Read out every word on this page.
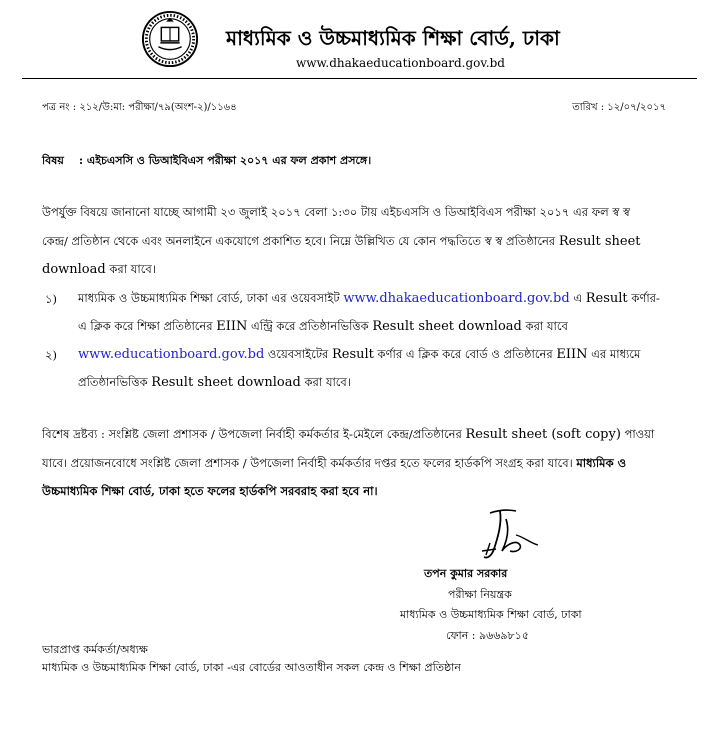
মাধ্যমিক ও উচ্চমাধ্যমিক শিক্ষা বোর্ড, ঢাকা
www.dhakaeducationboard.gov.bd
পত্র নং : ২১২/উ:মা: পরীক্ষা/৭৯(অংশ-২)/১১৬৪	তারিখ : ১২/০৭/২০১৭
বিষয় : এইচএসসি ও ডিআইবিএস পরীক্ষা ২০১৭ এর ফল প্রকাশ প্রসঙ্গে।
উপর্যুক্ত বিষয়ে জানানো যাচ্ছে আগামী ২৩ জুলাই ২০১৭ বেলা ১:৩০ টায় এইচএসসি ও ডিআইবিএস পরীক্ষা ২০১৭ এর ফল স্ব স্ব
কেন্দ্র/ প্রতিষ্ঠান থেকে এবং অনলাইনে একযোগে প্রকাশিত হবে। নিম্নে উল্লিখিত যে কোন পদ্ধতিতে স্ব স্ব প্রতিষ্ঠানের Result sheet
download করা যাবে।
১) মাধ্যমিক ও উচ্চমাধ্যমিক শিক্ষা বোর্ড, ঢাকা এর ওয়েবসাইট www.dhakaeducationboard.gov.bd এ Result কর্ণার-
এ ক্লিক করে শিক্ষা প্রতিষ্ঠানের EIIN এন্ট্রি করে প্রতিষ্ঠানভিত্তিক Result sheet download করা যাবে
২) www.educationboard.gov.bd ওয়েবসাইটের Result কর্ণার এ ক্লিক করে বোর্ড ও প্রতিষ্ঠানের EIIN এর মাধ্যমে
প্রতিষ্ঠানভিত্তিক Result sheet download করা যাবে।
বিশেষ দ্রষ্টব্য : সংশ্লিষ্ট জেলা প্রশাসক / উপজেলা নির্বাহী কর্মকর্তার ই-মেইলে কেন্দ্র/প্রতিষ্ঠানের Result sheet (soft copy) পাওয়া
যাবে। প্রয়োজনবোধে সংশ্লিষ্ট জেলা প্রশাসক / উপজেলা নির্বাহী কর্মকর্তার দপ্তর হতে ফলের হার্ডকপি সংগ্রহ করা যাবে। মাধ্যমিক ও
উচ্চমাধ্যমিক শিক্ষা বোর্ড, ঢাকা হতে ফলের হার্ডকপি সরবরাহ করা হবে না।
তপন কুমার সরকার
পরীক্ষা নিয়ন্ত্রক
মাধ্যমিক ও উচ্চমাধ্যমিক শিক্ষা বোর্ড, ঢাকা
ফোন : ৯৬৬৯৮১৫
ভারপ্রাপ্ত কর্মকর্তা/অধ্যক্ষ
মাধ্যমিক ও উচ্চমাধ্যমিক শিক্ষা বোর্ড, ঢাকা -এর বোর্ডের আওতাধীন সকল কেন্দ্র ও শিক্ষা প্রতিষ্ঠান
